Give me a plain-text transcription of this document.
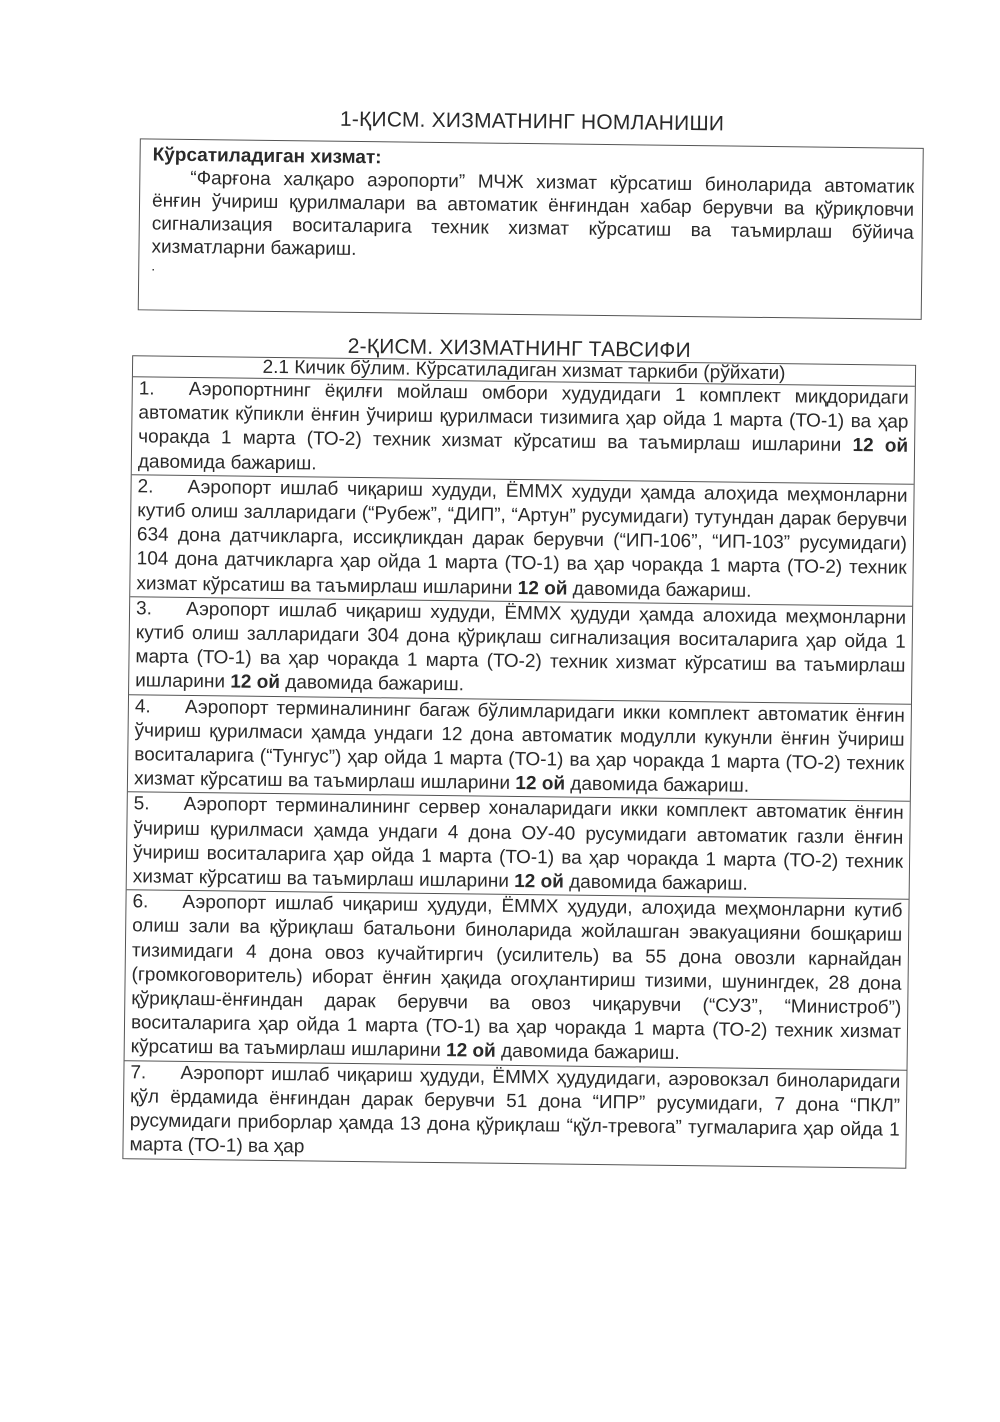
1-ҚИСМ. ХИЗМАТНИНГ НОМЛАНИШИ
Кўрсатиладиган хизмат:
“Фарғона халқаро аэропорти” МЧЖ хизмат кўрсатиш биноларида автоматик ёнғин ўчириш қурилмалари ва автоматик ёнғиндан хабар берувчи ва қўриқловчи сигнализация воситаларига техник хизмат кўрсатиш ва таъмирлаш бўйича хизматларни бажариш.
.
2-ҚИСМ. ХИЗМАТНИНГ ТАВСИФИ
2.1 Кичик бўлим. Кўрсатиладиган хизмат таркиби (рўйхати)
1. Аэропортнинг ёқилғи мойлаш омбори худудидаги 1 комплект миқдоридаги автоматик кўпикли ёнғин ўчириш қурилмаси тизимига ҳар ойда 1 марта (ТО-1) ва ҳар чоракда 1 марта (ТО-2) техник хизмат кўрсатиш ва таъмирлаш ишларини 12 ой давомида бажариш.
2. Аэропорт ишлаб чиқариш худуди, ЁММХ худуди ҳамда алоҳида меҳмонларни кутиб олиш залларидаги (“Рубеж”, “ДИП”, “Артун” русумидаги) тутундан дарак берувчи 634 дона датчикларга, иссиқликдан дарак берувчи (“ИП-106”, “ИП-103” русумидаги) 104 дона датчикларга ҳар ойда 1 марта (ТО-1) ва ҳар чоракда 1 марта (ТО-2) техник хизмат кўрсатиш ва таъмирлаш ишларини 12 ой давомида бажариш.
3. Аэропорт ишлаб чиқариш худуди, ЁММХ ҳудуди ҳамда алохида меҳмонларни кутиб олиш залларидаги 304 дона қўриқлаш сигнализация воситаларига ҳар ойда 1 марта (ТО-1) ва ҳар чоракда 1 марта (ТО-2) техник хизмат кўрсатиш ва таъмирлаш ишларини 12 ой давомида бажариш.
4. Аэропорт терминалининг багаж бўлимларидаги икки комплект автоматик ёнғин ўчириш қурилмаси ҳамда ундаги 12 дона автоматик модулли кукунли ёнғин ўчириш воситаларига (“Тунгус”) ҳар ойда 1 марта (ТО-1) ва ҳар чоракда 1 марта (ТО-2) техник хизмат кўрсатиш ва таъмирлаш ишларини 12 ой давомида бажариш.
5. Аэропорт терминалининг сервер хоналаридаги икки комплект автоматик ёнғин ўчириш қурилмаси ҳамда ундаги 4 дона ОУ-40 русумидаги автоматик газли ёнғин ўчириш воситаларига ҳар ойда 1 марта (ТО-1) ва ҳар чоракда 1 марта (ТО-2) техник хизмат кўрсатиш ва таъмирлаш ишларини 12 ой давомида бажариш.
6. Аэропорт ишлаб чиқариш ҳудуди, ЁММХ ҳудуди, алоҳида меҳмонларни кутиб олиш зали ва қўриқлаш батальони биноларида жойлашган эвакуацияни бошқариш тизимидаги 4 дона овоз кучайтиргич (усилитель) ва 55 дона овозли карнайдан (громкоговоритель) иборат ёнғин ҳақида огоҳлантириш тизими, шунингдек, 28 дона қўриқлаш-ёнғиндан дарак берувчи ва овоз чиқарувчи (“СУЗ”, “Министроб”) воситаларига ҳар ойда 1 марта (ТО-1) ва ҳар чоракда 1 марта (ТО-2) техник хизмат кўрсатиш ва таъмирлаш ишларини 12 ой давомида бажариш.
7. Аэропорт ишлаб чиқариш ҳудуди, ЁММХ ҳудудидаги, аэровокзал биноларидаги қўл ёрдамида ёнғиндан дарак берувчи 51 дона “ИПР” русумидаги, 7 дона “ПКЛ” русумидаги приборлар ҳамда 13 дона қўриқлаш “қўл-тревога” тугмаларига ҳар ойда 1 марта (ТО-1) ва ҳар
